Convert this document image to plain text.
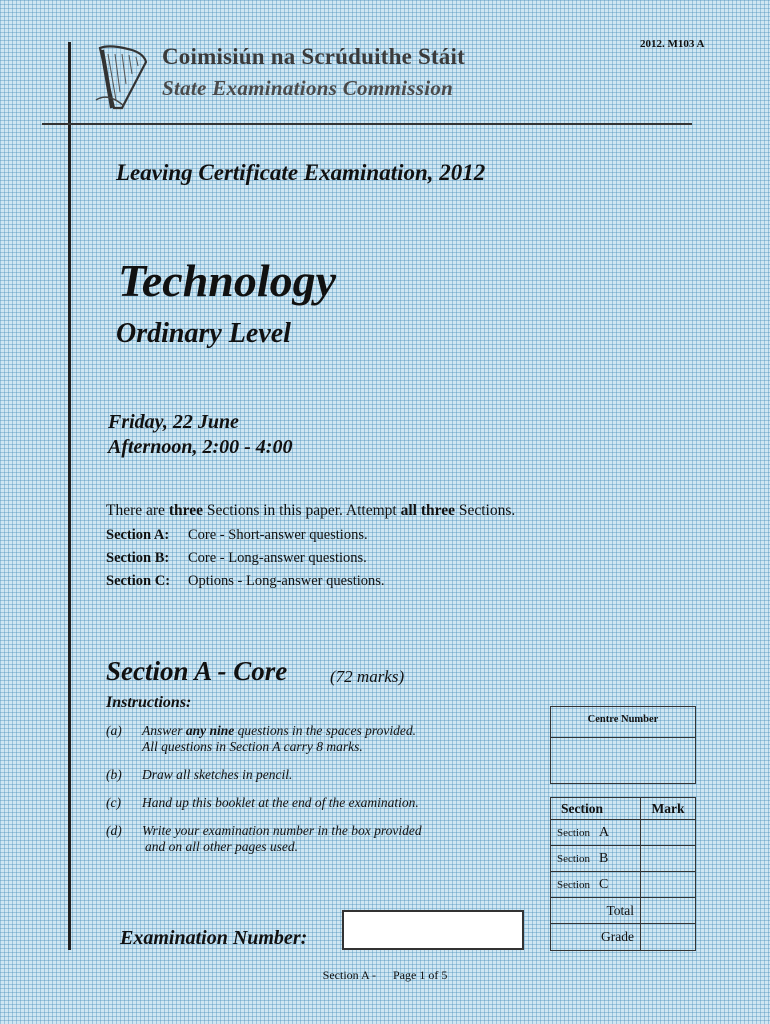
Coimisiún na Scrúduithe Stáit
State Examinations Commission
2012. M103 A
Leaving Certificate Examination, 2012
Technology
Ordinary Level
Friday, 22 June
Afternoon, 2:00 - 4:00
There are three Sections in this paper. Attempt all three Sections.
Section A:	Core - Short-answer questions.
Section B:	Core - Long-answer questions.
Section C:	Options - Long-answer questions.
Section A - Core	(72 marks)
Instructions:
(a)	Answer any nine questions in the spaces provided.
All questions in Section A carry 8 marks.
(b)	Draw all sketches in pencil.
(c)	Hand up this booklet at the end of the examination.
(d)	Write your examination number in the box provided
and on all other pages used.
Examination Number:
Centre Number
Section	Mark
Section A
Section B
Section C
Total
Grade
Section A - Page 1 of 5
